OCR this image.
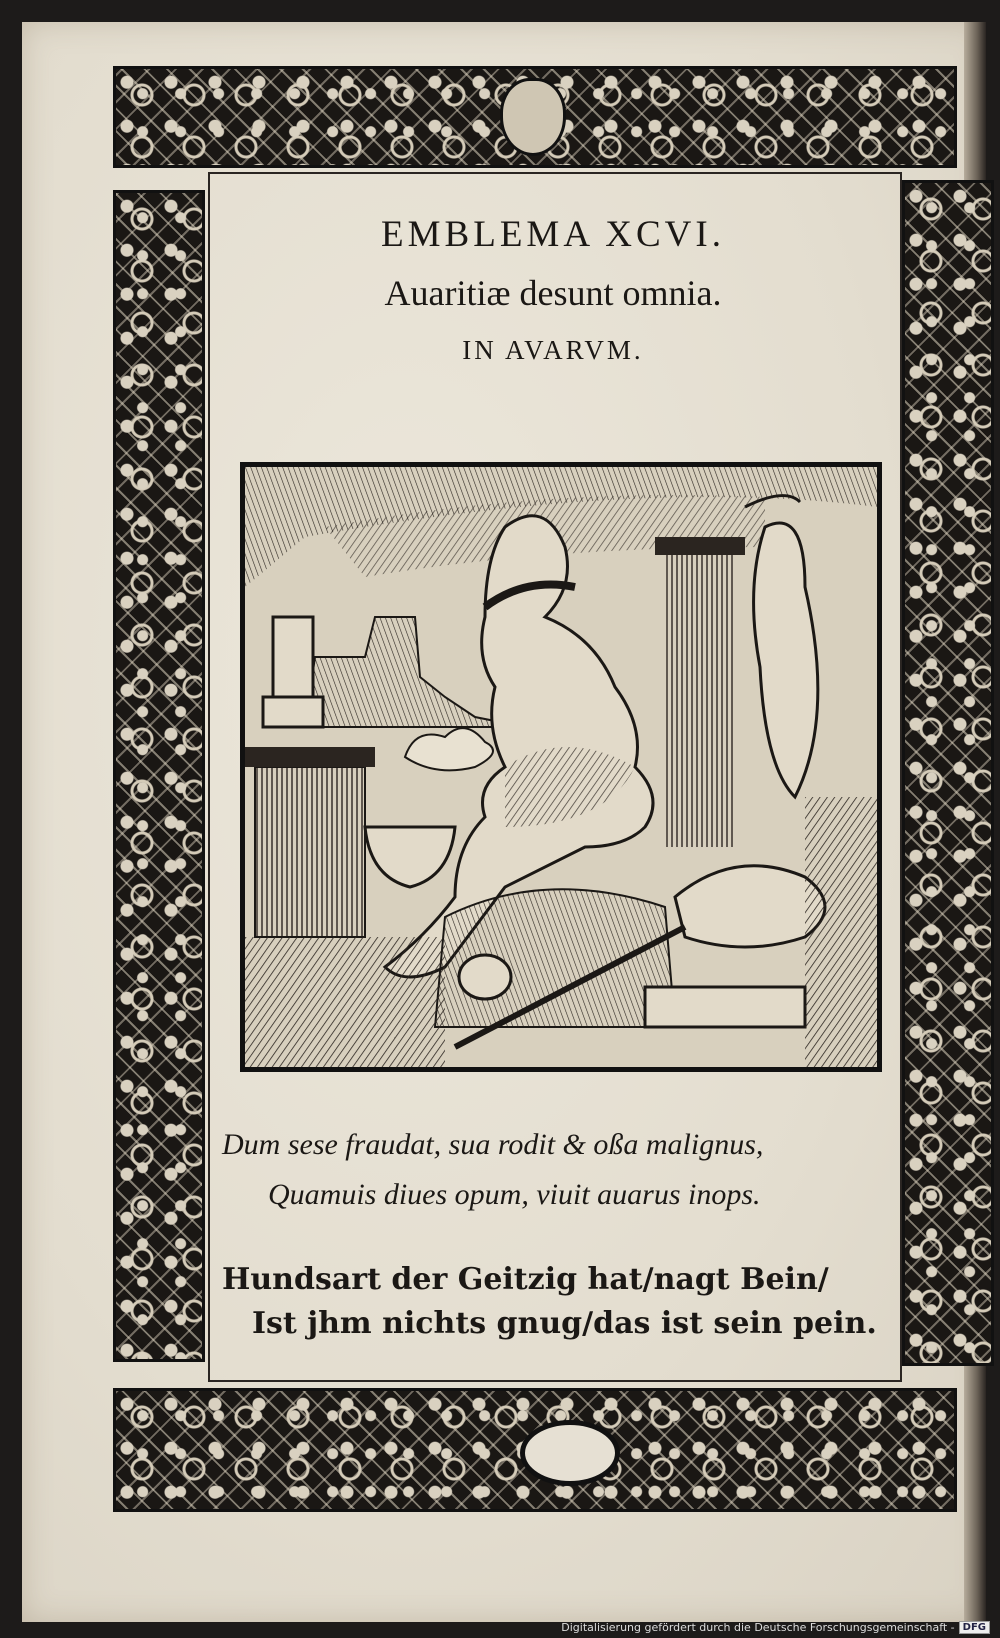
EMBLEMA XCVI.
Auaritiæ desunt omnia.
IN AVARVM.
Dum sese fraudat, sua rodit & oßa malignus,
Quamuis diues opum, viuit auarus inops.
Hundsart der Geitzig hat/nagt Bein/
Ist jhm nichts gnug/das ist sein pein.
Digitalisierung gefördert durch die Deutsche Forschungsgemeinschaft - DFG
